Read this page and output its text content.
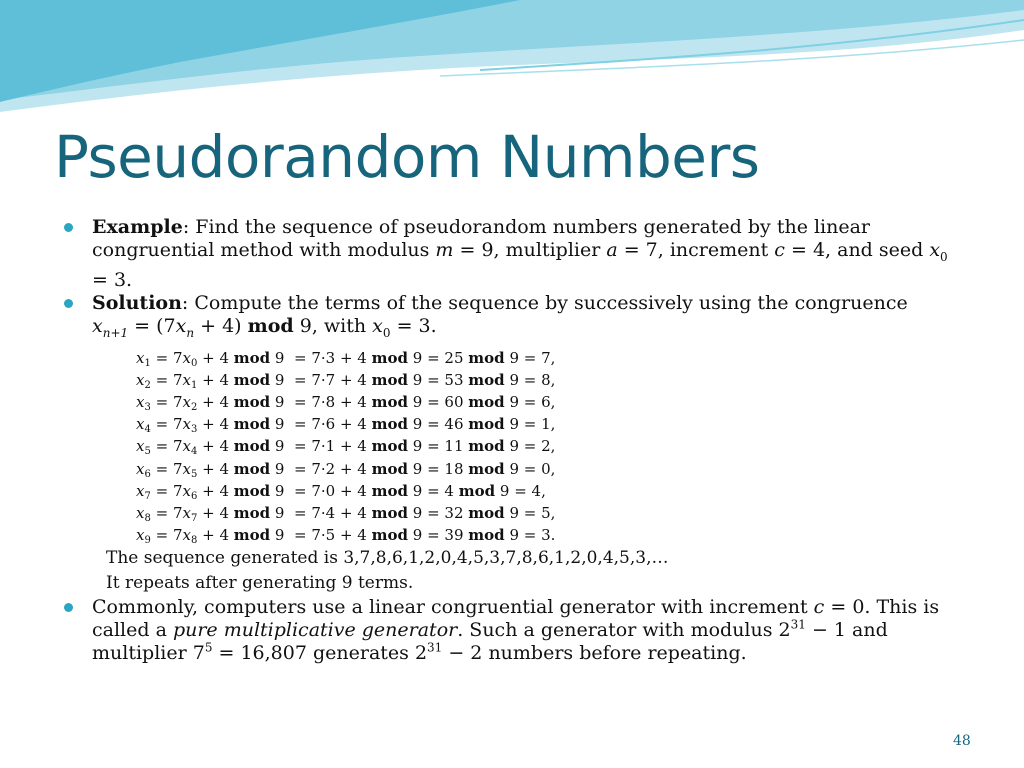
Pseudorandom Numbers
Example: Find the sequence of pseudorandom numbers generated by the linear congruential method with modulus m = 9, multiplier a = 7, increment c = 4, and seed $x_0 = 3$.
Solution: Compute the terms of the sequence by successively using the congruence
$x_{n+1} = (7x_n + 4)$ mod 9, with $x_0 = 3$.
$x_1 = 7x_0 + 4$ mod 9  = 7·3 + 4 mod 9 = 25 mod 9 = 7,
$x_2 = 7x_1 + 4$ mod 9  = 7·7 + 4 mod 9 = 53 mod 9 = 8,
$x_3 = 7x_2 + 4$ mod 9  = 7·8 + 4 mod 9 = 60 mod 9 = 6,
$x_4 = 7x_3 + 4$ mod 9  = 7·6 + 4 mod 9 = 46 mod 9 = 1,
$x_5 = 7x_4 + 4$ mod 9  = 7·1 + 4 mod 9 = 11 mod 9 = 2,
$x_6 = 7x_5 + 4$ mod 9  = 7·2 + 4 mod 9 = 18 mod 9 = 0,
$x_7 = 7x_6 + 4$ mod 9  = 7·0 + 4 mod 9 = 4 mod 9 = 4,
$x_8 = 7x_7 + 4$ mod 9  = 7·4 + 4 mod 9 = 32 mod 9 = 5,
$x_9 = 7x_8 + 4$ mod 9  = 7·5 + 4 mod 9 = 39 mod 9 = 3.
The sequence generated is 3,7,8,6,1,2,0,4,5,3,7,8,6,1,2,0,4,5,3,…
It repeats after generating 9 terms.
Commonly, computers use a linear congruential generator with increment c = 0. This is called a pure multiplicative generator. Such a generator with modulus $2^{31} - 1$ and multiplier $7^5 = 16,807$ generates $2^{31} - 2$ numbers before repeating.
48
